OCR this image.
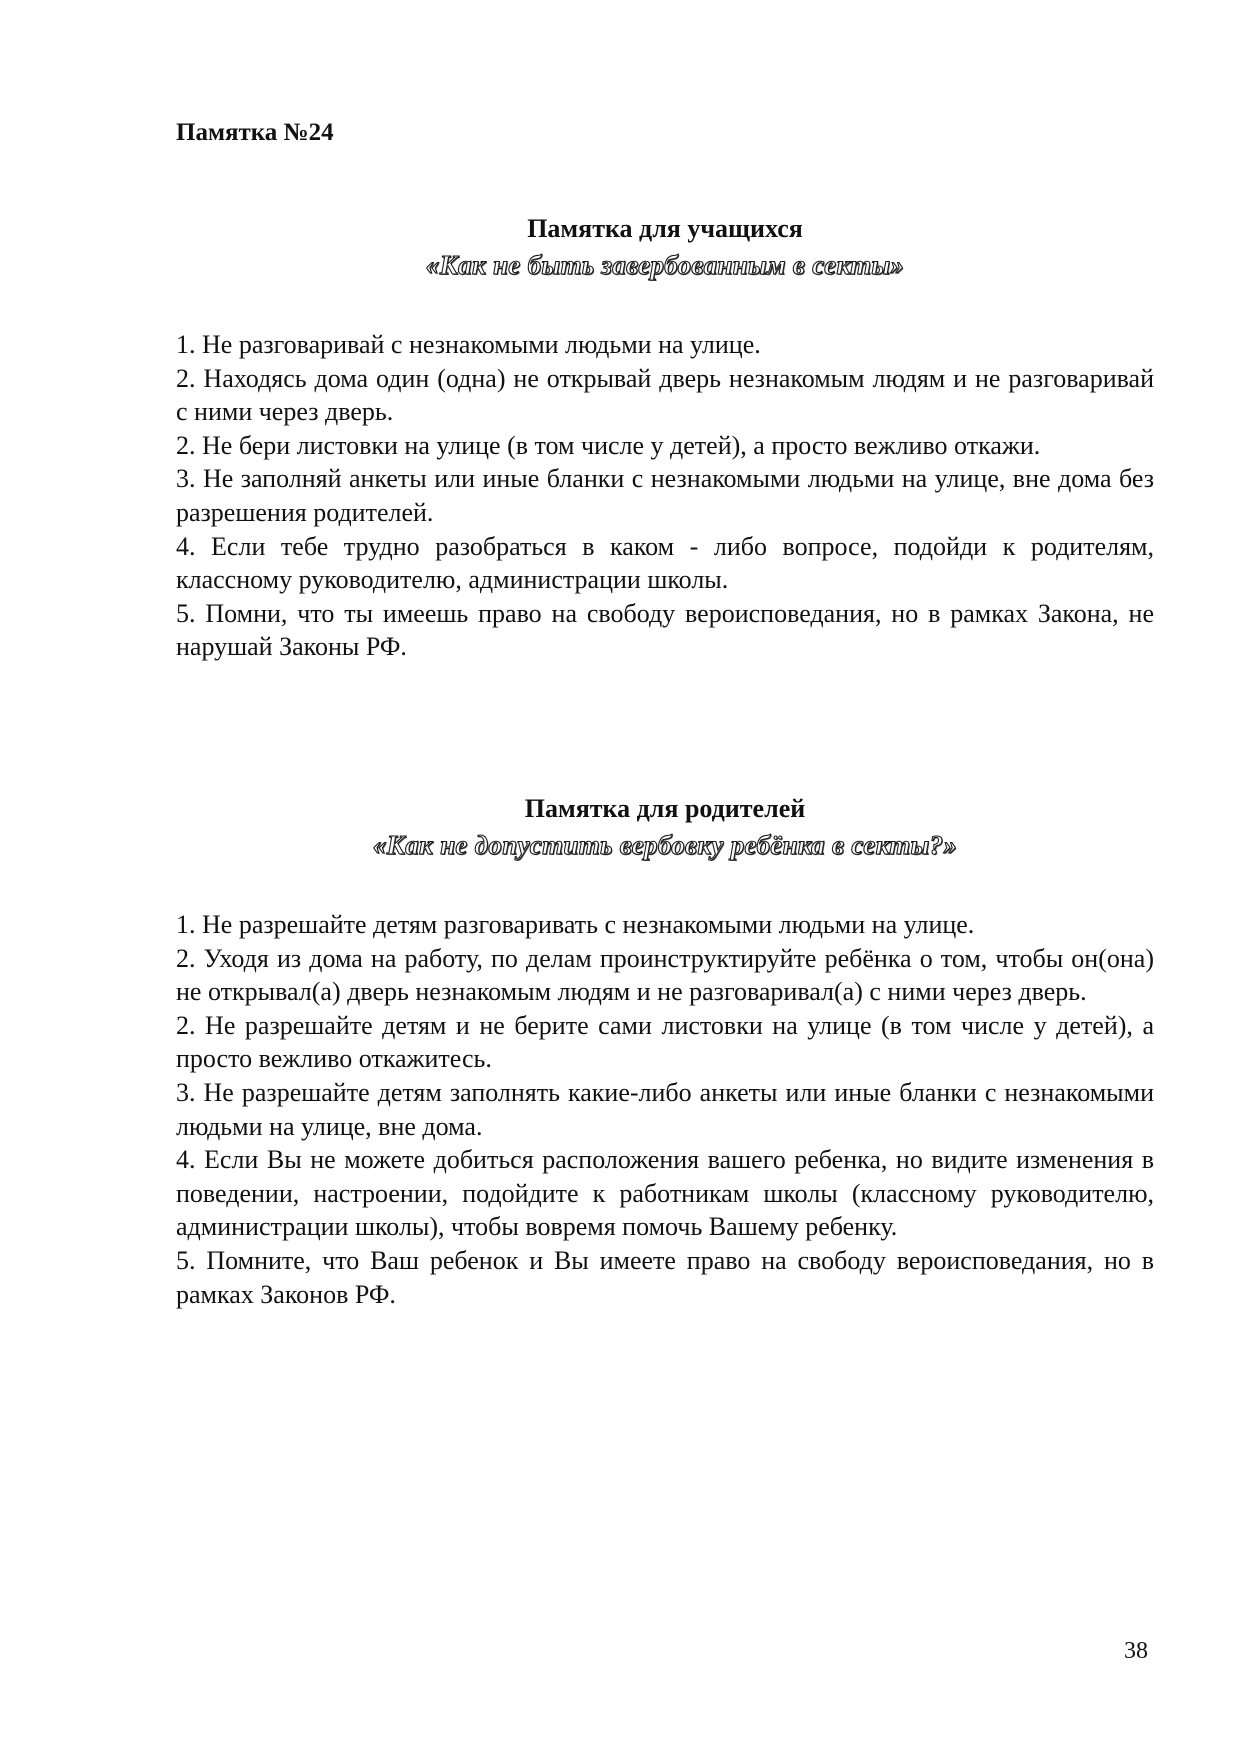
Памятка №24

Памятка для учащихся

«Как не быть завербованным в секты»

1. Не разговаривай с незнакомыми людьми на улице.
2. Находясь дома один (одна) не открывай дверь незнакомым людям и не разговаривай с ними через дверь.
2. Не бери листовки на улице (в том числе у детей), а просто вежливо откажи.
3. Не заполняй анкеты или иные бланки с незнакомыми людьми на улице, вне дома без разрешения родителей.
4. Если тебе трудно разобраться в каком - либо вопросе, подойди к родителям, классному руководителю, администрации школы.
5. Помни, что ты имеешь право на свободу вероисповедания, но в рамках Закона, не нарушай Законы РФ.

Памятка для родителей

«Как не допустить вербовку ребёнка в секты?»

1. Не разрешайте детям разговаривать с незнакомыми людьми на улице.
2. Уходя из дома на работу, по делам проинструктируйте ребёнка о том, чтобы он(она) не открывал(а) дверь незнакомым людям и не разговаривал(а) с ними через дверь.
2. Не разрешайте детям и не берите сами листовки на улице (в том числе у детей), а просто вежливо откажитесь.
3. Не разрешайте детям заполнять какие-либо анкеты или иные бланки с незнакомыми людьми на улице, вне дома.
4. Если Вы не можете добиться расположения вашего ребенка, но видите изменения в поведении, настроении, подойдите к работникам школы (классному руководителю, администрации школы), чтобы вовремя помочь Вашему ребенку.
5. Помните, что Ваш ребенок и Вы имеете право на свободу вероисповедания, но в рамках Законов РФ.
38
